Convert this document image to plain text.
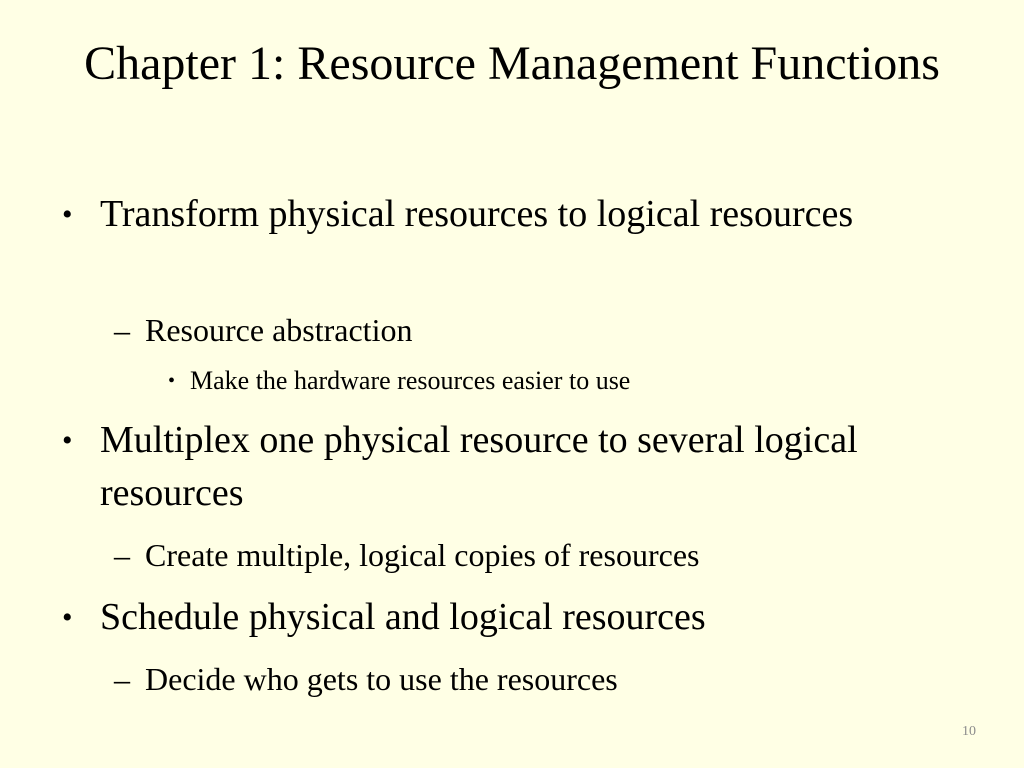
Chapter 1: Resource Management Functions
• Transform physical resources to logical resources
– Resource abstraction
• Make the hardware resources easier to use
• Multiplex one physical resource to several logical resources
– Create multiple, logical copies of resources
• Schedule physical and logical resources
– Decide who gets to use the resources
10
